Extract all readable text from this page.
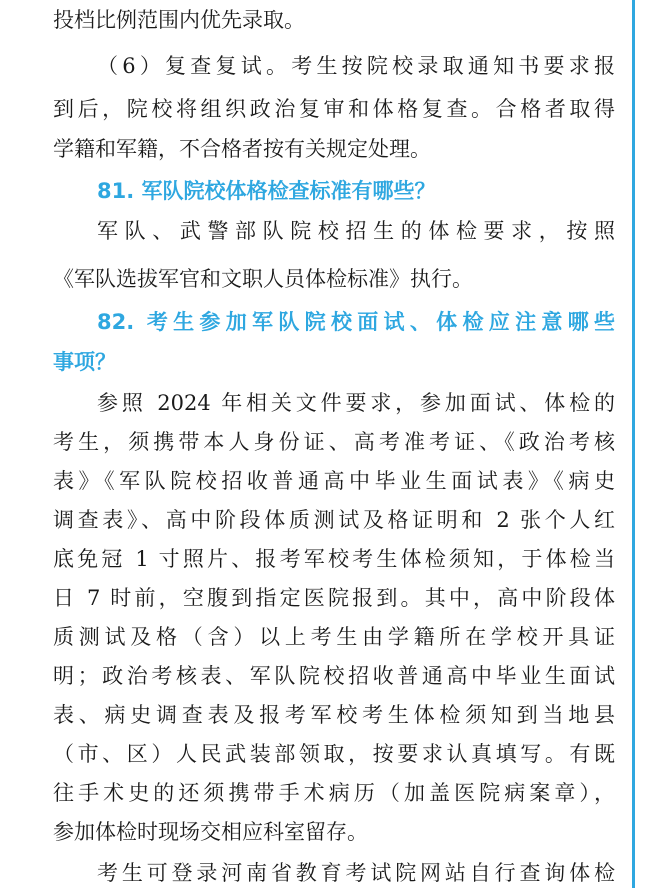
投档比例范围内优先录取。
（6）复查复试。考生按院校录取通知书要求报
到后，院校将组织政治复审和体格复查。合格者取得
学籍和军籍，不合格者按有关规定处理。
81. 军队院校体格检查标准有哪些？
军队、武警部队院校招生的体检要求，按照
《军队选拔军官和文职人员体检标准》执行。
82. 考生参加军队院校面试、体检应注意哪些
事项？
参照 2024 年相关文件要求，参加面试、体检的
考生，须携带本人身份证、高考准考证、《政治考核
表》《军队院校招收普通高中毕业生面试表》《病史
调查表》、高中阶段体质测试及格证明和 2 张个人红
底免冠 1 寸照片、报考军校考生体检须知，于体检当
日 7 时前，空腹到指定医院报到。其中，高中阶段体
质测试及格（含）以上考生由学籍所在学校开具证
明；政治考核表、军队院校招收普通高中毕业生面试
表、病史调查表及报考军校考生体检须知到当地县
（市、区）人民武装部领取，按要求认真填写。有既
往手术史的还须携带手术病历（加盖医院病案章），
参加体检时现场交相应科室留存。
考生可登录河南省教育考试院网站自行查询体检
